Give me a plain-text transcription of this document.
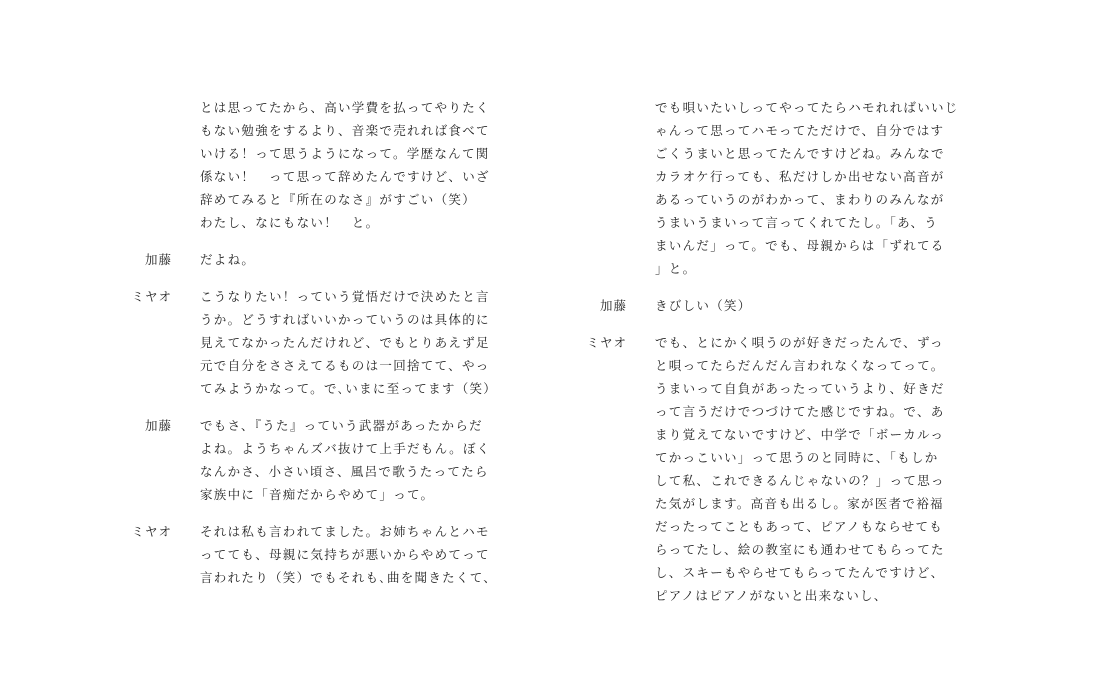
とは思ってたから、高い学費を払ってやりたく
もない勉強をするより、音楽で売れれば食べて
いける！って思うようになって。学歴なんて関
係ない！　って思って辞めたんですけど、いざ
辞めてみると『所在のなさ』がすごい（笑）
わたし、なにもない！　と。
加藤 だよね。
ミヤオ こうなりたい！っていう覚悟だけで決めたと言
うか。どうすればいいかっていうのは具体的に
見えてなかったんだけれど、でもとりあえず足
元で自分をささえてるものは一回捨てて、やっ
てみようかなって。で､いまに至ってます（笑）
加藤 でもさ、『うた』っていう武器があったからだ
よね。ようちゃんズバ抜けて上手だもん。ぼく
なんかさ、小さい頃さ、風呂で歌うたってたら
家族中に「音痴だからやめて」って。
ミヤオ それは私も言われてました。お姉ちゃんとハモ
ってても、母親に気持ちが悪いからやめてって
言われたり（笑）でもそれも､曲を聞きたくて、
でも唄いたいしってやってたらハモれればいいじ
ゃんって思ってハモってただけで、自分ではす
ごくうまいと思ってたんですけどね。みんなで
カラオケ行っても、私だけしか出せない高音が
あるっていうのがわかって、まわりのみんなが
うまいうまいって言ってくれてたし。「あ、う
まいんだ」って。でも、母親からは「ずれてる
」と。
加藤 きびしい（笑）
ミヤオ でも、とにかく唄うのが好きだったんで、ずっ
と唄ってたらだんだん言われなくなってって。
うまいって自負があったっていうより、好きだ
って言うだけでつづけてた感じですね。で、あ
まり覚えてないですけど、中学で「ボーカルっ
てかっこいい」って思うのと同時に、「もしか
して私、これできるんじゃないの？」って思っ
た気がします。高音も出るし。家が医者で裕福
だったってこともあって、ピアノもならせても
らってたし、絵の教室にも通わせてもらってた
し、スキーもやらせてもらってたんですけど、
ピアノはピアノがないと出来ないし、
